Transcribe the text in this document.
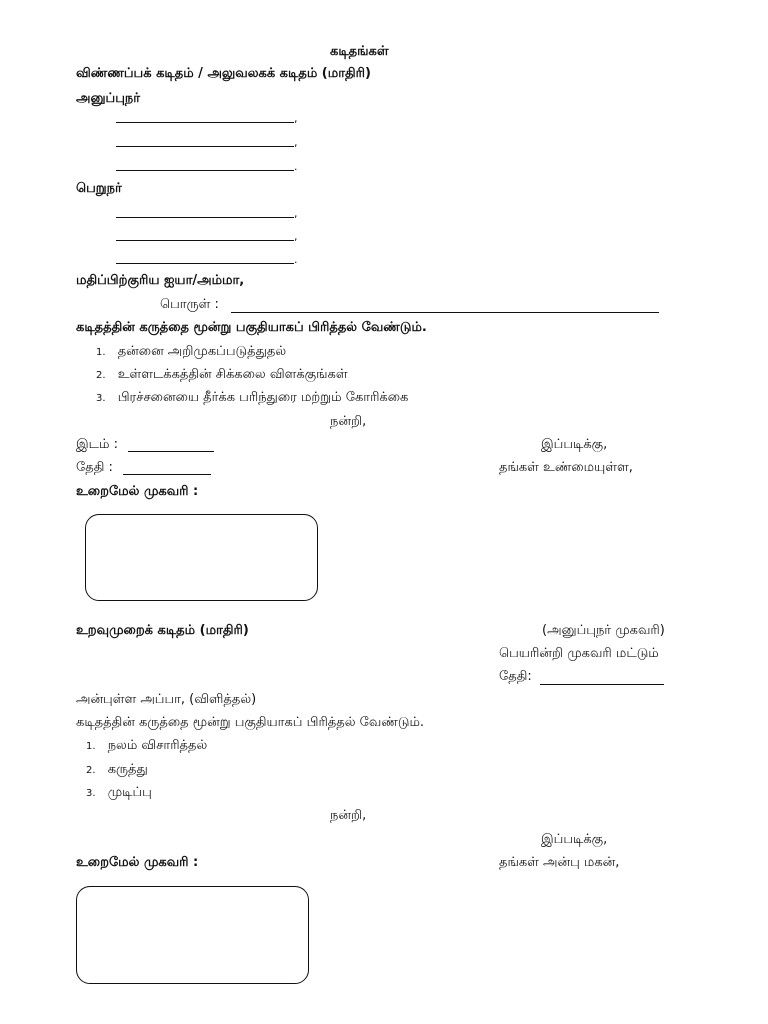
கடிதங்கள்
விண்ணப்பக் கடிதம் / அலுவலகக் கடிதம் (மாதிரி)
அனுப்புநர்
,
,
.
பெறுநர்
,
,
.
மதிப்பிற்குரிய ஐயா/அம்மா,
பொருள் :
கடிதத்தின் கருத்தை மூன்று பகுதியாகப் பிரித்தல் வேண்டும்.
1. தன்னை அறிமுகப்படுத்துதல்
2. உள்ளடக்கத்தின் சிக்கலை விளக்குங்கள்
3. பிரச்சனையை தீர்க்க பரிந்துரை மற்றும் கோரிக்கை
நன்றி,
இடம் :	இப்படிக்கு,
தேதி :	தங்கள் உண்மையுள்ள,
உறைமேல் முகவரி :
உறவுமுறைக் கடிதம் (மாதிரி)	(அனுப்புநர் முகவரி)
பெயரின்றி முகவரி மட்டும்
தேதி:
அன்புள்ள அப்பா, (விளித்தல்)
கடிதத்தின் கருத்தை மூன்று பகுதியாகப் பிரித்தல் வேண்டும்.
1. நலம் விசாரித்தல்
2. கருத்து
3. முடிப்பு
நன்றி,
இப்படிக்கு,
உறைமேல் முகவரி :	தங்கள் அன்பு மகன்,
